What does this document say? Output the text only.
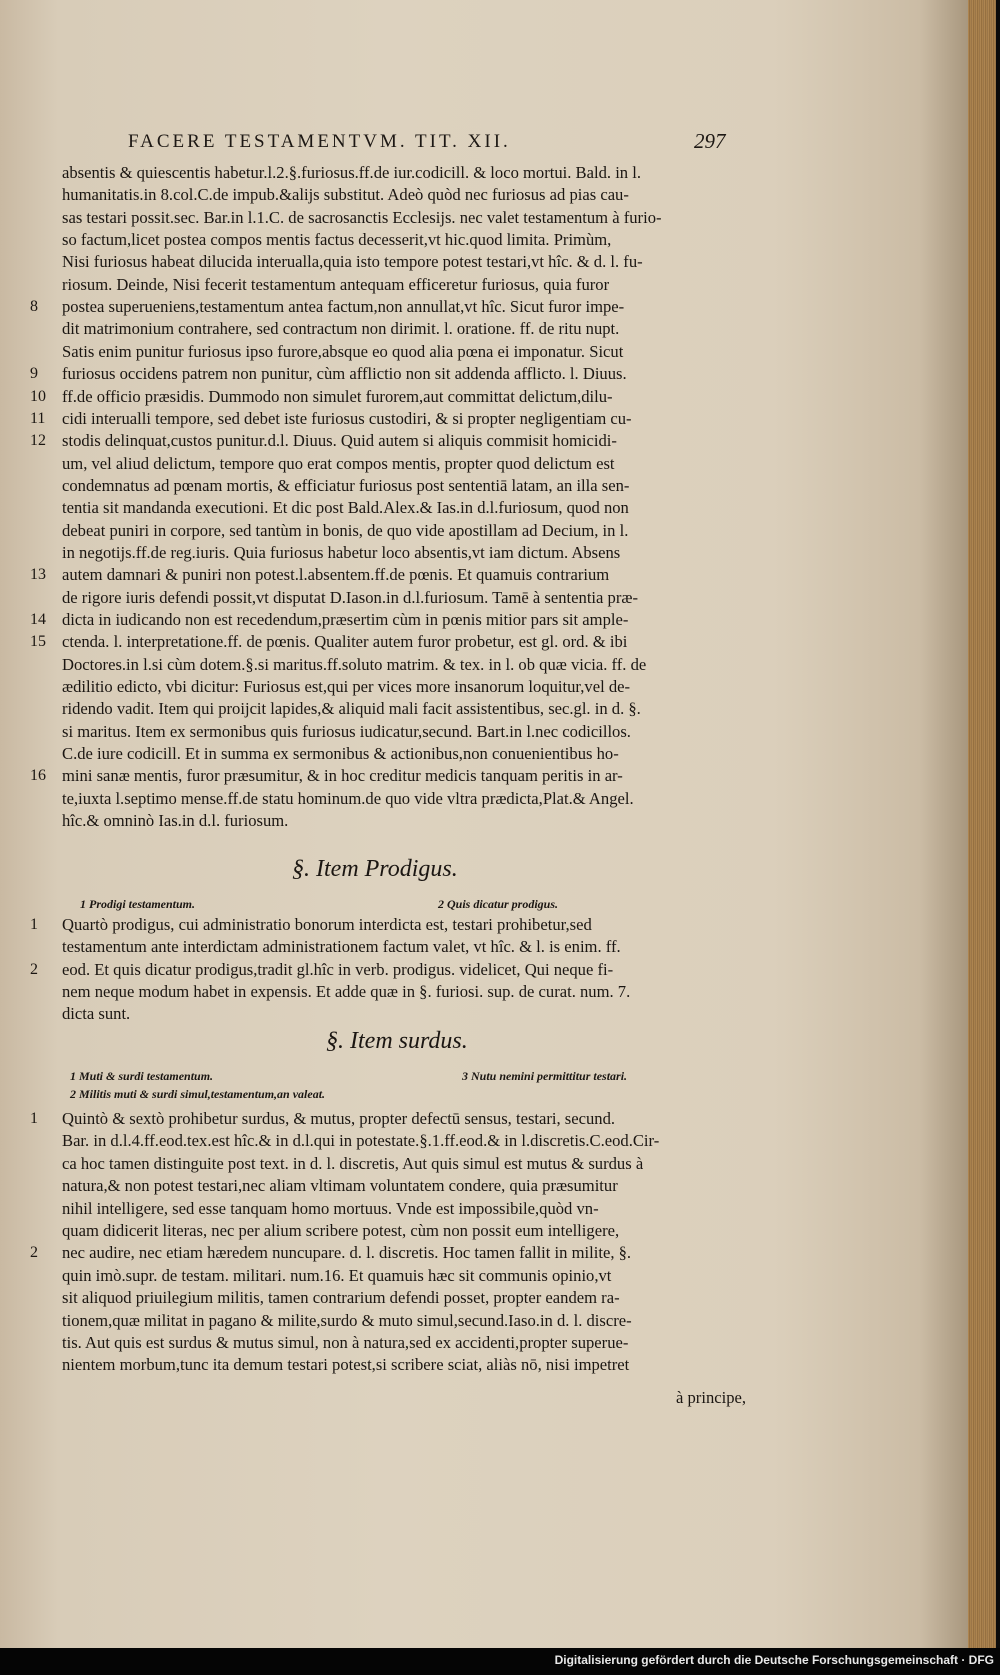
FACERE TESTAMENTVM. TIT. XII.	297
absentis & quiescentis habetur.l.2.§.furiosus.ff.de iur.codicill. & loco mortui. Bald. in l.
humanitatis.in 8.col.C.de impub.&alijs substitut. Adeò quòd nec furiosus ad pias cau-
sas testari possit.sec. Bar.in l.1.C. de sacrosanctis Ecclesijs. nec valet testamentum à furio-
so factum,licet postea compos mentis factus decesserit,vt hic.quod limita. Primùm,
Nisi furiosus habeat dilucida interualla,quia isto tempore potest testari,vt hîc. & d. l. fu-
riosum. Deinde, Nisi fecerit testamentum antequam efficeretur furiosus, quia furor
postea superueniens,testamentum antea factum,non annullat,vt hîc. Sicut furor impe-
dit matrimonium contrahere, sed contractum non dirimit. l. oratione. ff. de ritu nupt.
Satis enim punitur furiosus ipso furore,absque eo quod alia pœna ei imponatur. Sicut
furiosus occidens patrem non punitur, cùm afflictio non sit addenda afflicto. l. Diuus.
ff.de officio præsidis. Dummodo non simulet furorem,aut committat delictum,dilu-
cidi interualli tempore, sed debet iste furiosus custodiri, & si propter negligentiam cu-
stodis delinquat,custos punitur.d.l. Diuus. Quid autem si aliquis commisit homicidi-
um, vel aliud delictum, tempore quo erat compos mentis, propter quod delictum est
condemnatus ad pœnam mortis, & efficiatur furiosus post sententiā latam, an illa sen-
tentia sit mandanda executioni. Et dic post Bald.Alex.& Ias.in d.l.furiosum, quod non
debeat puniri in corpore, sed tantùm in bonis, de quo vide apostillam ad Decium, in l.
in negotijs.ff.de reg.iuris. Quia furiosus habetur loco absentis,vt iam dictum. Absens
autem damnari & puniri non potest.l.absentem.ff.de pœnis. Et quamuis contrarium
de rigore iuris defendi possit,vt disputat D.Iason.in d.l.furiosum. Tamē à sententia præ-
dicta in iudicando non est recedendum,præsertim cùm in pœnis mitior pars sit ample-
ctenda. l. interpretatione.ff. de pœnis. Qualiter autem furor probetur, est gl. ord. & ibi
Doctores.in l.si cùm dotem.§.si maritus.ff.soluto matrim. & tex. in l. ob quæ vicia. ff. de
ædilitio edicto, vbi dicitur: Furiosus est,qui per vices more insanorum loquitur,vel de-
ridendo vadit. Item qui proijcit lapides,& aliquid mali facit assistentibus, sec.gl. in d. §.
si maritus. Item ex sermonibus quis furiosus iudicatur,secund. Bart.in l.nec codicillos.
C.de iure codicill. Et in summa ex sermonibus & actionibus,non conuenientibus ho-
mini sanæ mentis, furor præsumitur, & in hoc creditur medicis tanquam peritis in ar-
te,iuxta l.septimo mense.ff.de statu hominum.de quo vide vltra prædicta,Plat.& Angel.
hîc.& omninò Ias.in d.l. furiosum.
8
9
10
11
12
13
14
15
16
§. Item Prodigus.
1 Prodigi testamentum.	2 Quis dicatur prodigus.
Quartò prodigus, cui administratio bonorum interdicta est, testari prohibetur,sed
testamentum ante interdictam administrationem factum valet, vt hîc. & l. is enim. ff.
eod. Et quis dicatur prodigus,tradit gl.hîc in verb. prodigus. videlicet, Qui neque fi-
nem neque modum habet in expensis. Et adde quæ in §. furiosi. sup. de curat. num. 7.
dicta sunt.
1
2
§. Item surdus.
1 Muti & surdi testamentum.
2 Militis muti & surdi simul,testamentum,an valeat.
3 Nutu nemini permittitur testari.
Quintò & sextò prohibetur surdus, & mutus, propter defectū sensus, testari, secund.
Bar. in d.l.4.ff.eod.tex.est hîc.& in d.l.qui in potestate.§.1.ff.eod.& in l.discretis.C.eod.Cir-
ca hoc tamen distinguite post text. in d. l. discretis, Aut quis simul est mutus & surdus à
natura,& non potest testari,nec aliam vltimam voluntatem condere, quia præsumitur
nihil intelligere, sed esse tanquam homo mortuus. Vnde est impossibile,quòd vn-
quam didicerit literas, nec per alium scribere potest, cùm non possit eum intelligere,
nec audire, nec etiam hæredem nuncupare. d. l. discretis. Hoc tamen fallit in milite, §.
quin imò.supr. de testam. militari. num.16. Et quamuis hæc sit communis opinio,vt
sit aliquod priuilegium militis, tamen contrarium defendi posset, propter eandem ra-
tionem,quæ militat in pagano & milite,surdo & muto simul,secund.Iaso.in d. l. discre-
tis. Aut quis est surdus & mutus simul, non à natura,sed ex accidenti,propter superue-
nientem morbum,tunc ita demum testari potest,si scribere sciat, aliàs nō, nisi impetret
1
2
à principe,
Digitalisierung gefördert durch die Deutsche Forschungsgemeinschaft · DFG
